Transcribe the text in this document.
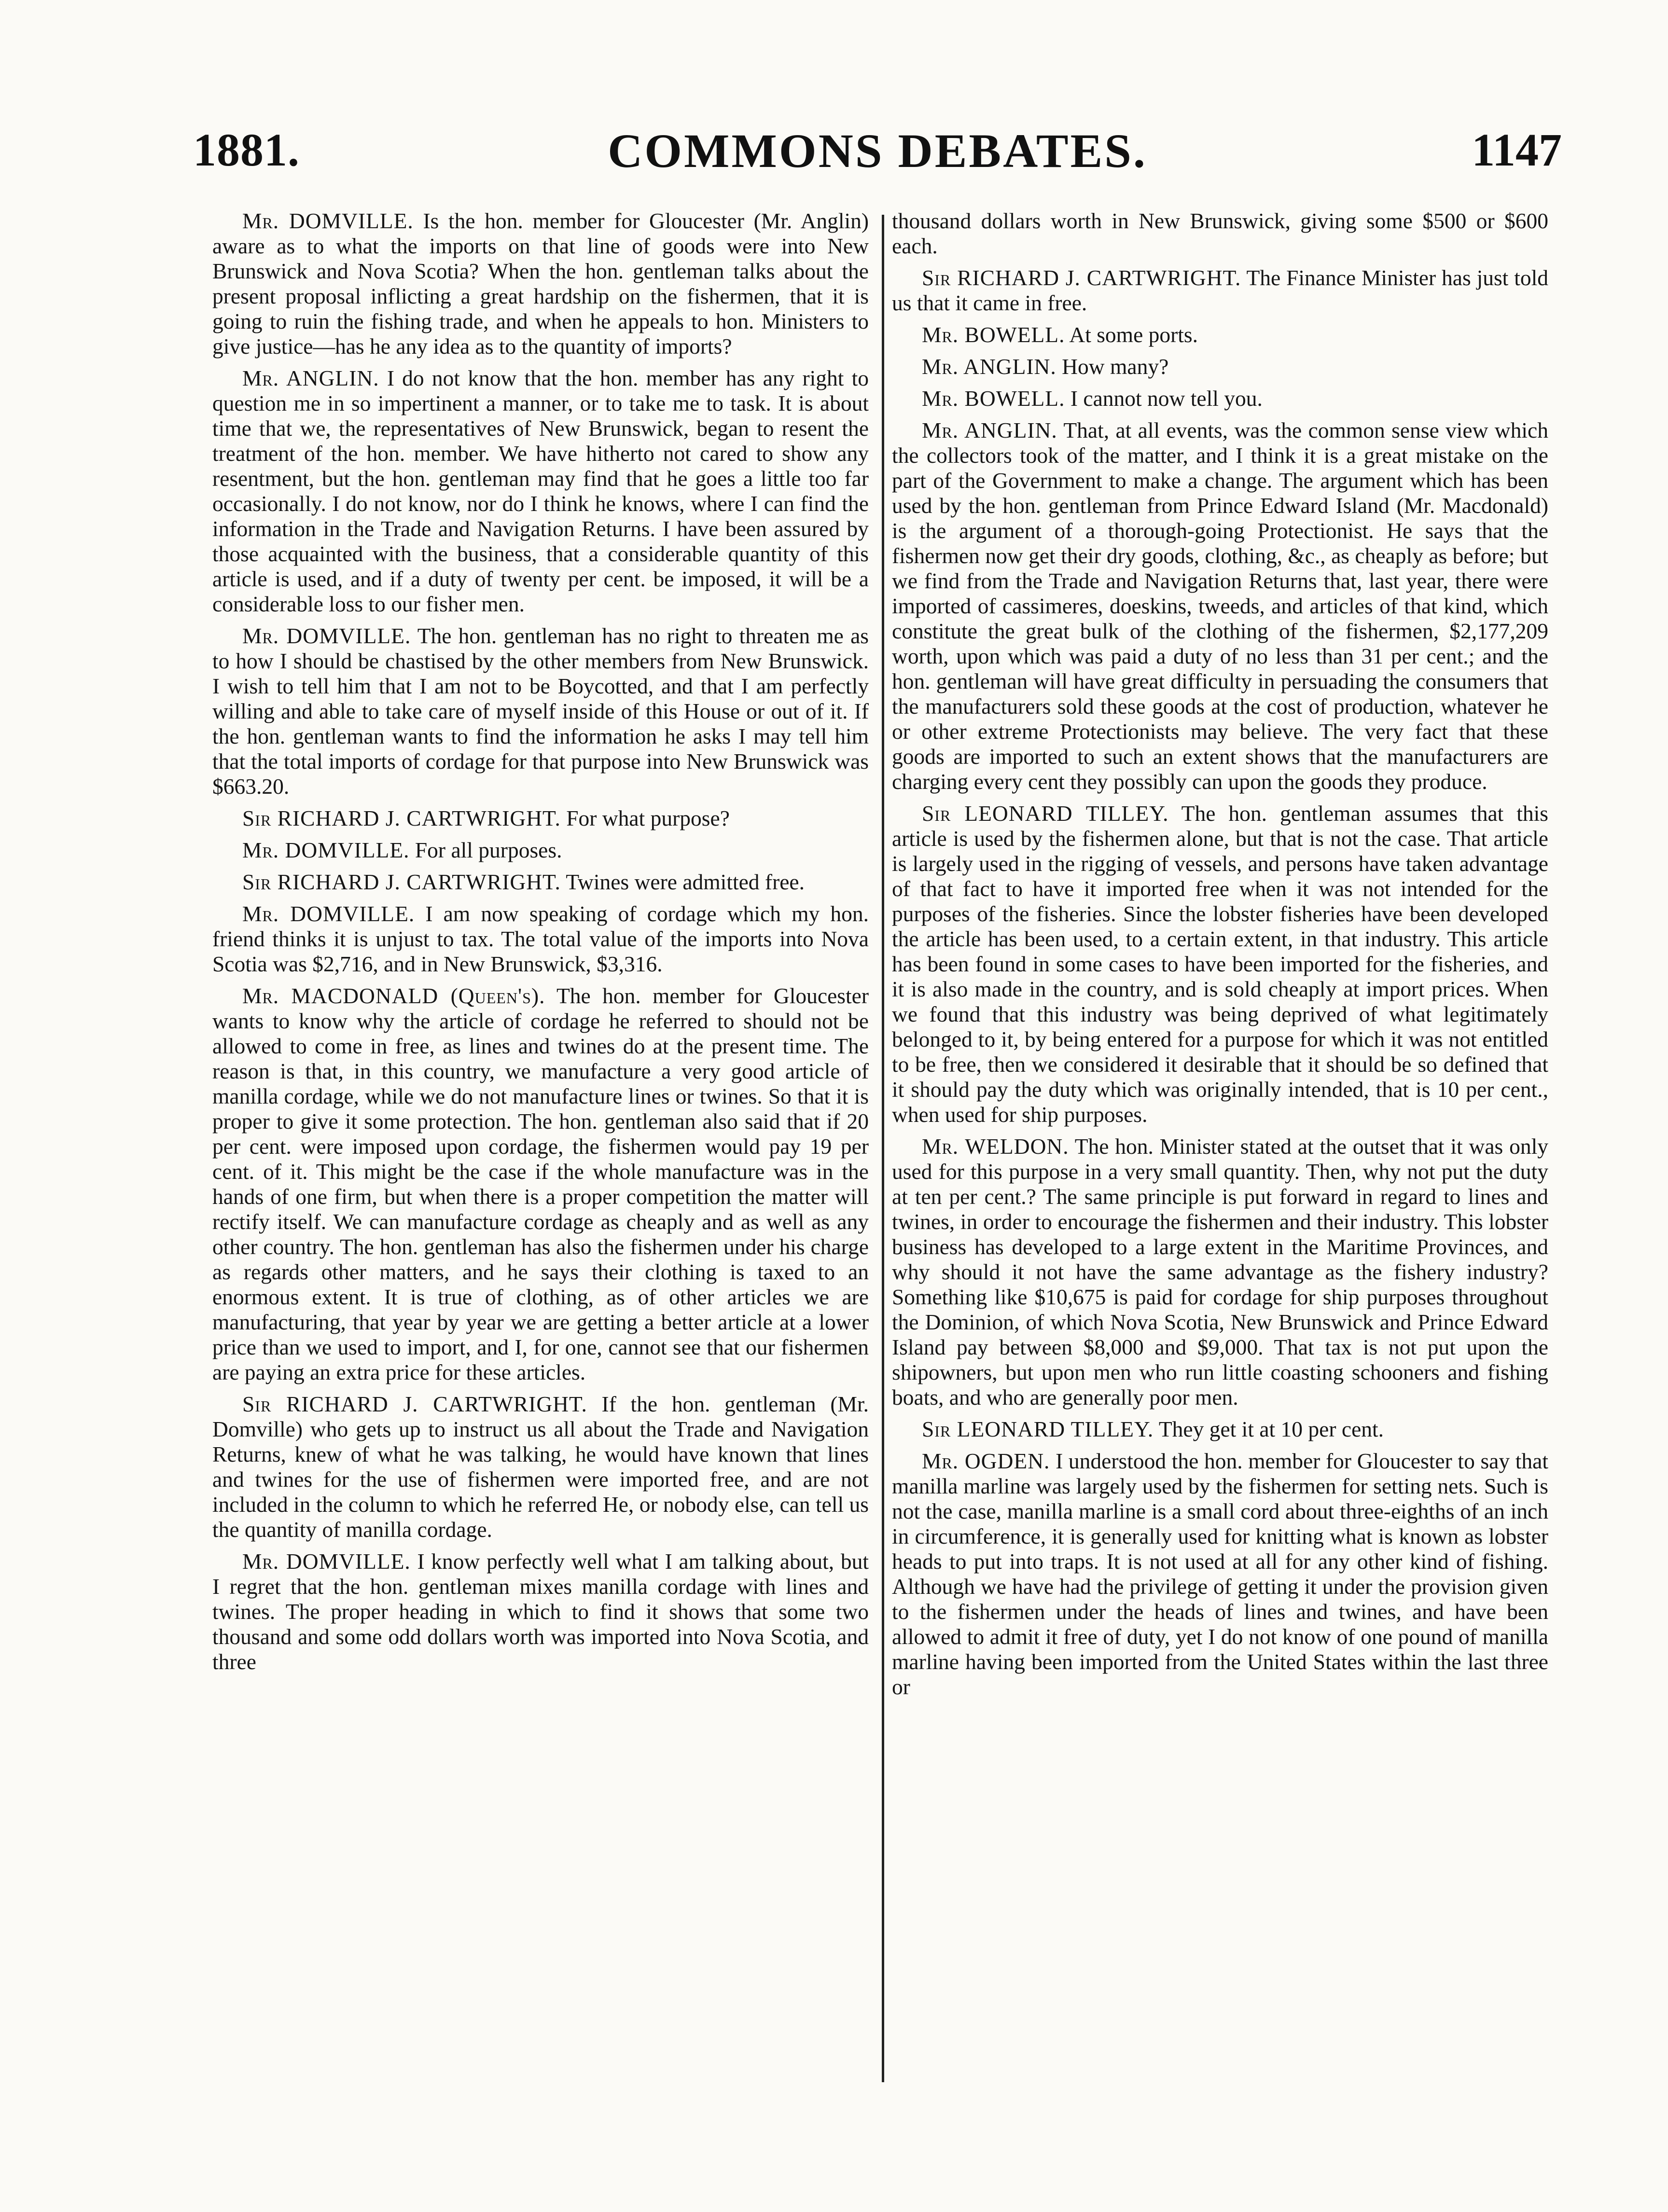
1881.	COMMONS DEBATES.	1147

Mr. DOMVILLE. Is the hon. member for Gloucester (Mr. Anglin) aware as to what the imports on that line of goods were into New Brunswick and Nova Scotia? When the hon. gentleman talks about the present proposal inflicting a great hardship on the fishermen, that it is going to ruin the fishing trade, and when he appeals to hon. Ministers to give justice—has he any idea as to the quantity of imports?

Mr. ANGLIN. I do not know that the hon. member has any right to question me in so impertinent a manner, or to take me to task. It is about time that we, the representatives of New Brunswick, began to resent the treatment of the hon. member. We have hitherto not cared to show any resentment, but the hon. gentleman may find that he goes a little too far occasionally. I do not know, nor do I think he knows, where I can find the information in the Trade and Navigation Returns. I have been assured by those acquainted with the business, that a considerable quantity of this article is used, and if a duty of twenty per cent. be imposed, it will be a considerable loss to our fisher men.

Mr. DOMVILLE. The hon. gentleman has no right to threaten me as to how I should be chastised by the other members from New Brunswick. I wish to tell him that I am not to be Boycotted, and that I am perfectly willing and able to take care of myself inside of this House or out of it. If the hon. gentleman wants to find the information he asks I may tell him that the total imports of cordage for that purpose into New Brunswick was $663.20.

Sir RICHARD J. CARTWRIGHT. For what purpose?

Mr. DOMVILLE. For all purposes.

Sir RICHARD J. CARTWRIGHT. Twines were admitted free.

Mr. DOMVILLE. I am now speaking of cordage which my hon. friend thinks it is unjust to tax. The total value of the imports into Nova Scotia was $2,716, and in New Brunswick, $3,316.

Mr. MACDONALD (Queen's). The hon. member for Gloucester wants to know why the article of cordage he referred to should not be allowed to come in free, as lines and twines do at the present time. The reason is that, in this country, we manufacture a very good article of manilla cordage, while we do not manufacture lines or twines. So that it is proper to give it some protection. The hon. gentleman also said that if 20 per cent. were imposed upon cordage, the fishermen would pay 19 per cent. of it. This might be the case if the whole manufacture was in the hands of one firm, but when there is a proper competition the matter will rectify itself. We can manufacture cordage as cheaply and as well as any other country. The hon. gentleman has also the fishermen under his charge as regards other matters, and he says their clothing is taxed to an enormous extent. It is true of clothing, as of other articles we are manufacturing, that year by year we are getting a better article at a lower price than we used to import, and I, for one, cannot see that our fishermen are paying an extra price for these articles.

Sir RICHARD J. CARTWRIGHT. If the hon. gentleman (Mr. Domville) who gets up to instruct us all about the Trade and Navigation Returns, knew of what he was talking, he would have known that lines and twines for the use of fishermen were imported free, and are not included in the column to which he referred He, or nobody else, can tell us the quantity of manilla cordage.

Mr. DOMVILLE. I know perfectly well what I am talking about, but I regret that the hon. gentleman mixes manilla cordage with lines and twines. The proper heading in which to find it shows that some two thousand and some odd dollars worth was imported into Nova Scotia, and three

thousand dollars worth in New Brunswick, giving some $500 or $600 each.

Sir RICHARD J. CARTWRIGHT. The Finance Minister has just told us that it came in free.

Mr. BOWELL. At some ports.

Mr. ANGLIN. How many?

Mr. BOWELL. I cannot now tell you.

Mr. ANGLIN. That, at all events, was the common sense view which the collectors took of the matter, and I think it is a great mistake on the part of the Government to make a change. The argument which has been used by the hon. gentleman from Prince Edward Island (Mr. Macdonald) is the argument of a thorough-going Protectionist. He says that the fishermen now get their dry goods, clothing, &c., as cheaply as before; but we find from the Trade and Navigation Returns that, last year, there were imported of cassimeres, doeskins, tweeds, and articles of that kind, which constitute the great bulk of the clothing of the fishermen, $2,177,209 worth, upon which was paid a duty of no less than 31 per cent.; and the hon. gentleman will have great difficulty in persuading the consumers that the manufacturers sold these goods at the cost of production, whatever he or other extreme Protectionists may believe. The very fact that these goods are imported to such an extent shows that the manufacturers are charging every cent they possibly can upon the goods they produce.

Sir LEONARD TILLEY. The hon. gentleman assumes that this article is used by the fishermen alone, but that is not the case. That article is largely used in the rigging of vessels, and persons have taken advantage of that fact to have it imported free when it was not intended for the purposes of the fisheries. Since the lobster fisheries have been developed the article has been used, to a certain extent, in that industry. This article has been found in some cases to have been imported for the fisheries, and it is also made in the country, and is sold cheaply at import prices. When we found that this industry was being deprived of what legitimately belonged to it, by being entered for a purpose for which it was not entitled to be free, then we considered it desirable that it should be so defined that it should pay the duty which was originally intended, that is 10 per cent., when used for ship purposes.

Mr. WELDON. The hon. Minister stated at the outset that it was only used for this purpose in a very small quantity. Then, why not put the duty at ten per cent.? The same principle is put forward in regard to lines and twines, in order to encourage the fishermen and their industry. This lobster business has developed to a large extent in the Maritime Provinces, and why should it not have the same advantage as the fishery industry? Something like $10,675 is paid for cordage for ship purposes throughout the Dominion, of which Nova Scotia, New Brunswick and Prince Edward Island pay between $8,000 and $9,000. That tax is not put upon the shipowners, but upon men who run little coasting schooners and fishing boats, and who are generally poor men.

Sir LEONARD TILLEY. They get it at 10 per cent.

Mr. OGDEN. I understood the hon. member for Gloucester to say that manilla marline was largely used by the fishermen for setting nets. Such is not the case, manilla marline is a small cord about three-eighths of an inch in circumference, it is generally used for knitting what is known as lobster heads to put into traps. It is not used at all for any other kind of fishing. Although we have had the privilege of getting it under the provision given to the fishermen under the heads of lines and twines, and have been allowed to admit it free of duty, yet I do not know of one pound of manilla marline having been imported from the United States within the last three or
